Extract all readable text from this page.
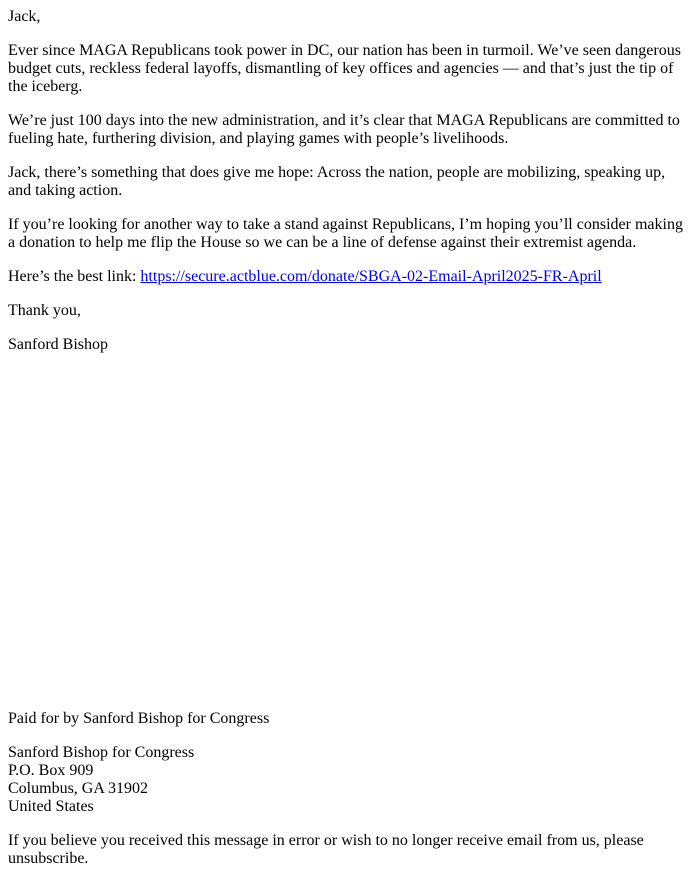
Jack,

Ever since MAGA Republicans took power in DC, our nation has been in turmoil. We’ve seen dangerous budget cuts, reckless federal layoffs, dismantling of key offices and agencies — and that’s just the tip of the iceberg.

We’re just 100 days into the new administration, and it’s clear that MAGA Republicans are committed to fueling hate, furthering division, and playing games with people’s livelihoods.

Jack, there’s something that does give me hope: Across the nation, people are mobilizing, speaking up, and taking action.

If you’re looking for another way to take a stand against Republicans, I’m hoping you’ll consider making a donation to help me flip the House so we can be a line of defense against their extremist agenda.

Here’s the best link: https://secure.actblue.com/donate/SBGA-02-Email-April2025-FR-April

Thank you,

Sanford Bishop

Paid for by Sanford Bishop for Congress

Sanford Bishop for Congress
P.O. Box 909
Columbus, GA 31902
United States

If you believe you received this message in error or wish to no longer receive email from us, please unsubscribe.
